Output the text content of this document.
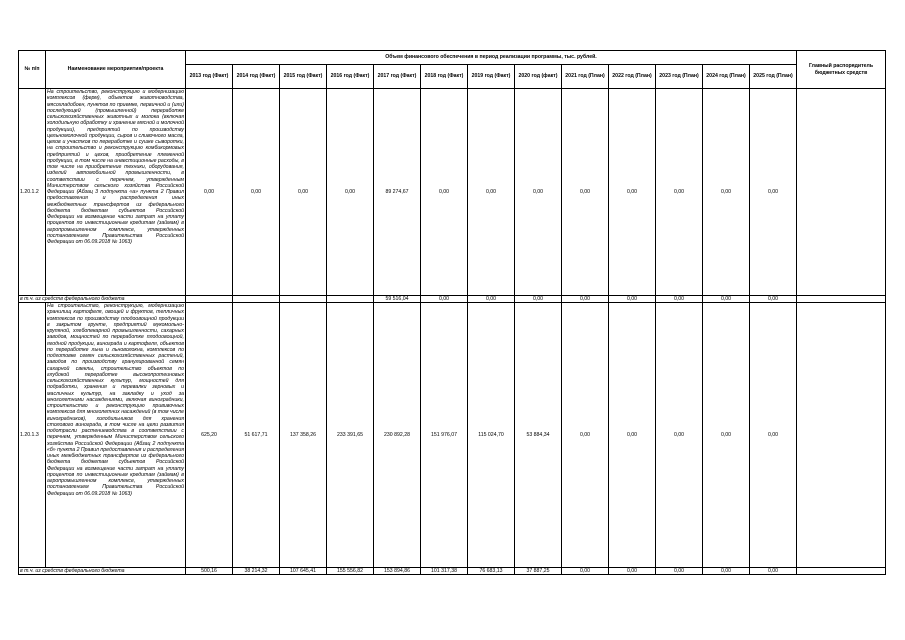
№ п/п	Наименование мероприятия/проекта	Объем финансового обеспечения в период реализации программы, тыс. рублей.													Главный распорядитель бюджетных средств
		2013 год (Факт)	2014 год (Факт)	2015 год (Факт)	2016 год (Факт)	2017 год (Факт)	2018 год (Факт)	2019 год (Факт)	2020 год (факт)	2021 год (План)	2022 год (План)	2023 год (План)	2024 год (План)	2025 год (План)	
1.20.1.2	На строительство, реконструкцию и модернизацию комплексов (ферм), объектов животноводства, мясохладобоен, пунктов по приемке, первичной и (или) последующей (промышленной) переработке сельскохозяйственных животных и молока (включая холодильную обработку и хранение мясной и молочной продукции), предприятий по производству цельномолочной продукции, сыров и сливочного масла, цехов и участков по переработке и сушке сыворотки, на строительство и реконструкцию комбикормовых предприятий и цехов, приобретение племенной продукции, в том числе на инвестиционные расходы, в том числе на приобретение техники, оборудования, изделий автомобильной промышленности, в соответствии с перечнем, утвержденным Министерством сельского хозяйства Российской Федерации (Абзац 3 подпункта «а» пункта 2 Правил предоставления и распределения иных межбюджетных трансфертов из федерального бюджета бюджетам субъектов Российской Федерации на возмещение части затрат на уплату процентов по инвестиционным кредитам (займам) в агропромышленном комплексе, утвержденных постановлением Правительства Российской Федерации от 06.09.2018 № 1063)	0,00	0,00	0,00	0,00	89 274,67	0,00	0,00	0,00	0,00	0,00	0,00	0,00	0,00	
в т.ч. из средств федерального бюджета						59 516,04	0,00	0,00	0,00	0,00	0,00	0,00	0,00	0,00	
1.20.1.3	На строительство, реконструкцию, модернизацию хранилищ картофеля, овощей и фруктов, тепличных комплексов по производству плодоовощной продукции в закрытом грунте, предприятий мукомольно-крупяной, хлебопекарной промышленности, сахарных заводов, мощностей по переработке плодоовощной, ягодной продукции, винограда и картофеля, объектов по переработке льна и льноволокна, комплексов по подготовке семян сельскохозяйственных растений, заводов по производству гранулированной семян сахарной свеклы, строительство объектов по глубокой переработке высокопротеиновых сельскохозяйственных культур, мощностей для подработки, хранения и перевалки зерновых и масличных культур, на закладку и уход за многолетними насаждениями, включая виноградники, строительство и реконструкцию прививочных комплексов для многолетних насаждений (в том числе виноградников), холодильников для хранения столового винограда, в том числе на цели развития подотрасли растениеводства в соответствии с перечнем, утвержденным Министерством сельского хозяйства Российской Федерации (Абзац 2 подпункта «б» пункта 2 Правил предоставления и распределения иных межбюджетных трансфертов из федерального бюджета бюджетам субъектов Российской Федерации на возмещение части затрат на уплату процентов по инвестиционным кредитам (займам) в агропромышленном комплексе, утвержденных постановлением Правительства Российской Федерации от 06.09.2018 № 1063)	625,20	51 617,71	137 358,26	233 391,65	230 892,28	151 976,07	115 024,70	53 884,34	0,00	0,00	0,00	0,00	0,00	
в т.ч. из средств федерального бюджета		500,16	38 214,32	107 645,41	155 556,82	153 894,86	101 317,38	76 683,13	37 887,25	0,00	0,00	0,00	0,00	0,00	
